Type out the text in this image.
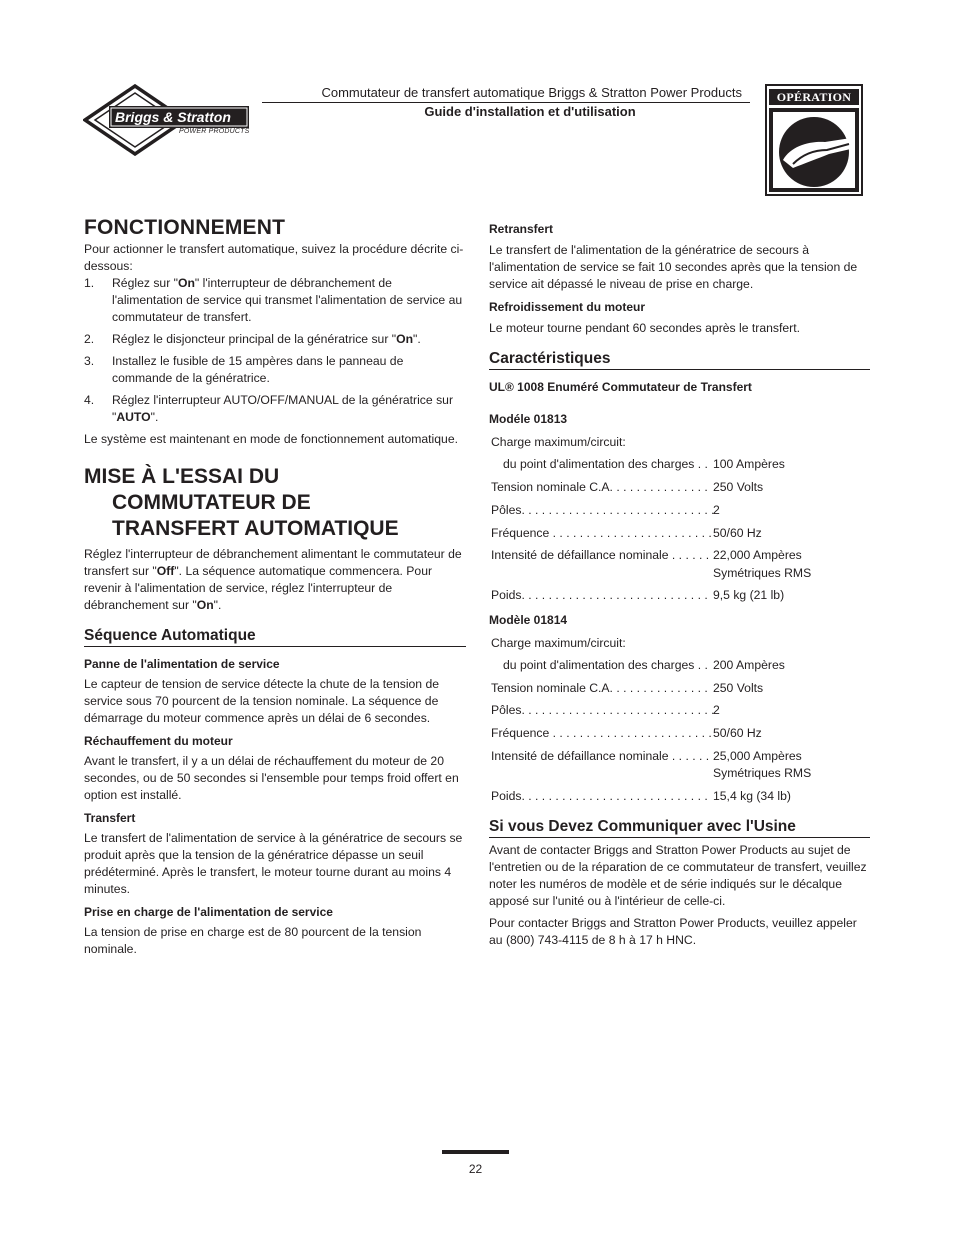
Briggs & Stratton
POWER PRODUCTS
Commutateur de transfert automatique Briggs & Stratton Power Products
Guide d'installation et d'utilisation
OPÉRATION
FONCTIONNEMENT

Pour actionner le transfert automatique, suivez la procédure décrite ci-dessous:

1. Réglez sur "On" l'interrupteur de débranchement de l'alimentation de service qui transmet l'alimentation de service au commutateur de transfert.
2. Réglez le disjoncteur principal de la génératrice sur "On".
3. Installez le fusible de 15 ampères dans le panneau de commande de la génératrice.
4. Réglez l'interrupteur AUTO/OFF/MANUAL de la génératrice sur "AUTO".

Le système est maintenant en mode de fonctionnement automatique.

MISE À L'ESSAI DU
COMMUTATEUR DE
TRANSFERT AUTOMATIQUE

Réglez l'interrupteur de débranchement alimentant le commutateur de transfert sur "Off". La séquence automatique commencera. Pour revenir à l'alimentation de service, réglez l'interrupteur de débranchement sur "On".

Séquence Automatique

Panne de l'alimentation de service

Le capteur de tension de service détecte la chute de la tension de service sous 70 pourcent de la tension nominale. La séquence de démarrage du moteur commence après un délai de 6 secondes.

Réchauffement du moteur

Avant le transfert, il y a un délai de réchauffement du moteur de 20 secondes, ou de 50 secondes si l'ensemble pour temps froid offert en option est installé.

Transfert

Le transfert de l'alimentation de service à la génératrice de secours se produit après que la tension de la génératrice dépasse un seuil prédéterminé. Après le transfert, le moteur tourne durant au moins 4 minutes.

Prise en charge de l'alimentation de service

La tension de prise en charge est de 80 pourcent de la tension nominale.

Retransfert

Le transfert de l'alimentation de la génératrice de secours à l'alimentation de service se fait 10 secondes après que la tension de service ait dépassé le niveau de prise en charge.

Refroidissement du moteur

Le moteur tourne pendant 60 secondes après le transfert.

Caractéristiques

UL® 1008 Enuméré Commutateur de Transfert

Modéle 01813
Charge maximum/circuit:
du point d'alimentation des charges . . 100 Ampères
Tension nominale C.A. . . . . . . . . . . . . . . 250 Volts
Pôles. . . . . . . . . . . . . . . . . . . . . . . . . . . . .
2
Fréquence . . . . . . . . . . . . . . . . . . . . . . . . 50/60 Hz
Intensité de défaillance nominale . . . . . . 22,000 Ampères
Symétriques RMS
Poids. . . . . . . . . . . . . . . . . . . . . . . . . . . . 9,5 kg (21 lb)
Modèle 01814
Charge maximum/circuit:
du point d'alimentation des charges . . 200 Ampères
Tension nominale C.A. . . . . . . . . . . . . . . 250 Volts
Pôles. . . . . . . . . . . . . . . . . . . . . . . . . . . . .
2
Fréquence . . . . . . . . . . . . . . . . . . . . . . . . 50/60 Hz
Intensité de défaillance nominale . . . . . . 25,000 Ampères
Symétriques RMS
Poids. . . . . . . . . . . . . . . . . . . . . . . . . . . . 15,4 kg (34 lb)
Si vous Devez Communiquer avec l'Usine

Avant de contacter Briggs and Stratton Power Products au sujet de l'entretien ou de la réparation de ce commutateur de transfert, veuillez noter les numéros de modèle et de série indiqués sur le décalque apposé sur l'unité ou à l'intérieur de celle-ci.

Pour contacter Briggs and Stratton Power Products, veuillez appeler au (800) 743-4115 de 8 h à 17 h HNC.

22
